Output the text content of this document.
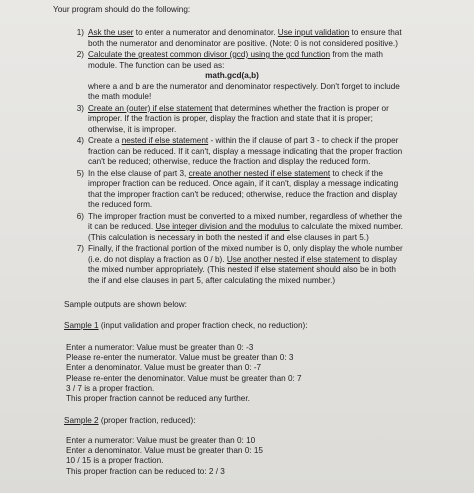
Your program should do the following:
1) Ask the user to enter a numerator and denominator. Use input validation to ensure that
both the numerator and denominator are positive. (Note: 0 is not considered positive.)
2) Calculate the greatest common divisor (gcd) using the gcd function from the math
module. The function can be used as:
math.gcd(a,b)
where a and b are the numerator and denominator respectively. Don't forget to include
the math module!
3) Create an (outer) if else statement that determines whether the fraction is proper or
improper. If the fraction is proper, display the fraction and state that it is proper;
otherwise, it is improper.
4) Create a nested if else statement - within the if clause of part 3 - to check if the proper
fraction can be reduced. If it can't, display a message indicating that the proper fraction
can't be reduced; otherwise, reduce the fraction and display the reduced form.
5) In the else clause of part 3, create another nested if else statement to check if the
improper fraction can be reduced. Once again, if it can't, display a message indicating
that the improper fraction can't be reduced; otherwise, reduce the fraction and display
the reduced form.
6) The improper fraction must be converted to a mixed number, regardless of whether the
it can be reduced. Use integer division and the modulus to calculate the mixed number.
(This calculation is necessary in both the nested if and else clauses in part 5.)
7) Finally, if the fractional portion of the mixed number is 0, only display the whole number
(i.e. do not display a fraction as 0 / b). Use another nested if else statement to display
the mixed number appropriately. (This nested if else statement should also be in both
the if and else clauses in part 5, after calculating the mixed number.)
Sample outputs are shown below:
Sample 1 (input validation and proper fraction check, no reduction):
Enter a numerator: Value must be greater than 0: -3
Please re-enter the numerator. Value must be greater than 0: 3
Enter a denominator. Value must be greater than 0: -7
Please re-enter the denominator. Value must be greater than 0: 7
3 / 7 is a proper fraction.
This proper fraction cannot be reduced any further.
Sample 2 (proper fraction, reduced):
Enter a numerator: Value must be greater than 0: 10
Enter a denominator. Value must be greater than 0: 15
10 / 15 is a proper fraction.
This proper fraction can be reduced to: 2 / 3
